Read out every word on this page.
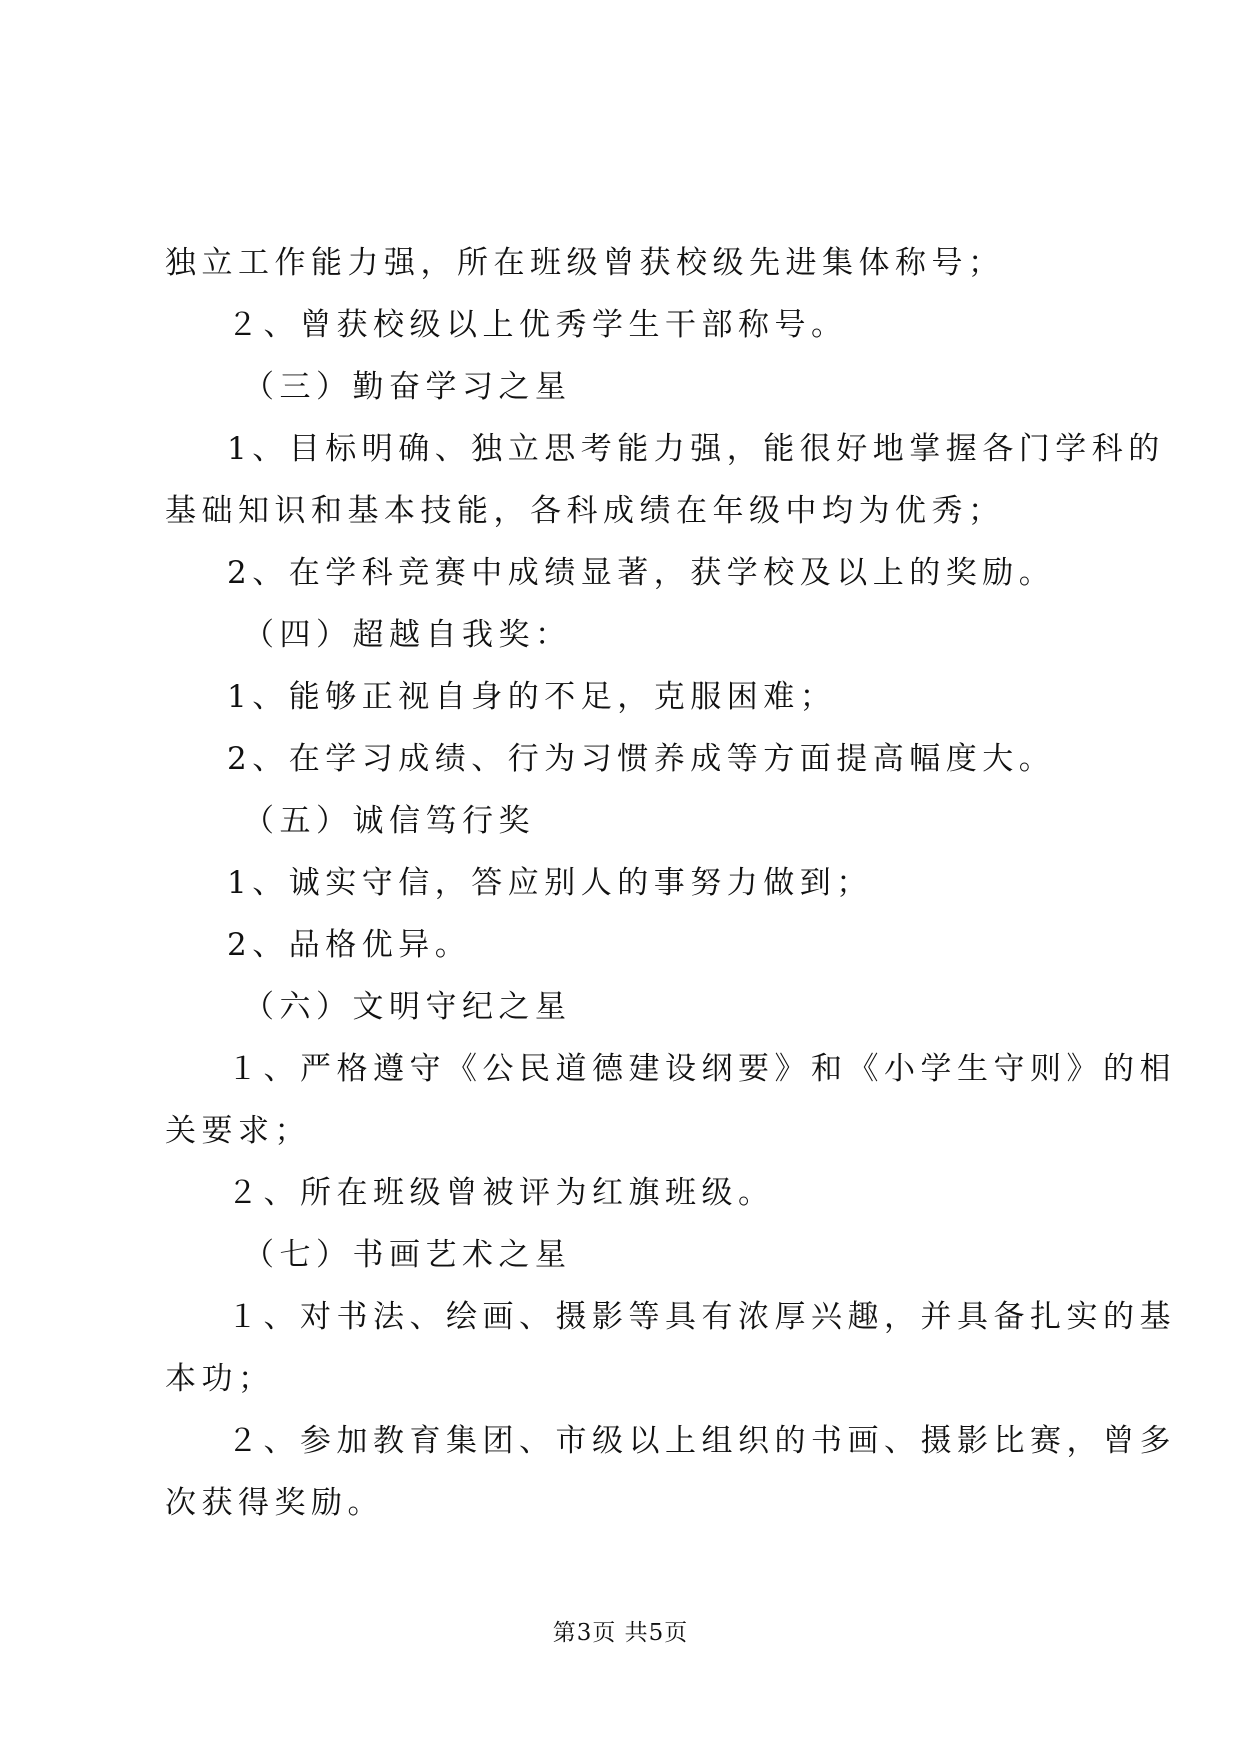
独立工作能力强，所在班级曾获校级先进集体称号；
２、曾获校级以上优秀学生干部称号。
（三）勤奋学习之星
1、目标明确、独立思考能力强，能很好地掌握各门学科的
基础知识和基本技能，各科成绩在年级中均为优秀；
2、在学科竞赛中成绩显著，获学校及以上的奖励。
（四）超越自我奖：
1、能够正视自身的不足，克服困难；
2、在学习成绩、行为习惯养成等方面提高幅度大。
（五）诚信笃行奖
1、诚实守信，答应别人的事努力做到；
2、品格优异。
（六）文明守纪之星
１、严格遵守《公民道德建设纲要》和《小学生守则》的相
关要求；
２、所在班级曾被评为红旗班级。
（七）书画艺术之星
１、对书法、绘画、摄影等具有浓厚兴趣，并具备扎实的基
本功；
２、参加教育集团、市级以上组织的书画、摄影比赛，曾多
次获得奖励。
第3页 共5页
